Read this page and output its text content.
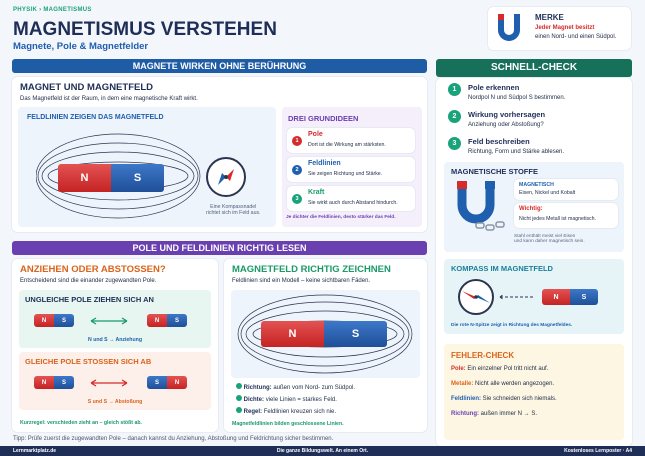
PHYSIK › MAGNETISMUS
MAGNETISMUS VERSTEHEN
Magnete, Pole & Magnetfelder
MERKE
Jeder Magnet besitzt
einen Nord- und einen Südpol.
MAGNETE WIRKEN OHNE BERÜHRUNG
MAGNET UND MAGNETFELD
Das Magnetfeld ist der Raum, in dem eine magnetische Kraft wirkt.
FELDLINIEN ZEIGEN DAS MAGNETFELD
N	S
Eine Kompassnadel
richtet sich im Feld aus.
DREI GRUNDIDEEN
1
Pole
Dort ist die Wirkung am stärksten.
2
Feldlinien
Sie zeigen Richtung und Stärke.
3
Kraft
Sie wirkt auch durch Abstand hindurch.
Je dichter die Feldlinien, desto stärker das Feld.
POLE UND FELDLINIEN RICHTIG LESEN
ANZIEHEN ODER ABSTOSSEN?
Entscheidend sind die einander zugewandten Pole.
UNGLEICHE POLE ZIEHEN SICH AN
N	S	N	S
N und S → Anziehung
GLEICHE POLE STOSSEN SICH AB
N	S	S	N
S und S → Abstoßung
Kurzregel: verschieden zieht an – gleich stößt ab.
MAGNETFELD RICHTIG ZEICHNEN
Feldlinien sind ein Modell – keine sichtbaren Fäden.
N	S
Richtung: außen vom Nord- zum Südpol.
Dichte: viele Linien = starkes Feld.
Regel: Feldlinien kreuzen sich nie.
Magnetfeldlinien bilden geschlossene Linien.
SCHNELL-CHECK
1	Pole erkennen
Nordpol N und Südpol S bestimmen.
2	Wirkung vorhersagen
Anziehung oder Abstoßung?
3	Feld beschreiben
Richtung, Form und Stärke ablesen.
MAGNETISCHE STOFFE
MAGNETISCH
Eisen, Nickel und Kobalt
Wichtig:
Nicht jedes Metall ist magnetisch.
Stahl enthält meist viel Eisen
und kann daher magnetisch sein.
KOMPASS IM MAGNETFELD
N	S
Die rote N-Spitze zeigt in Richtung des Magnetfeldes.
FEHLER-CHECK
Pole: Ein einzelner Pol tritt nicht auf.
Metalle: Nicht alle werden angezogen.
Feldlinien: Sie schneiden sich niemals.
Richtung: außen immer N → S.
Tipp: Prüfe zuerst die zugewandten Pole – danach kannst du Anziehung, Abstoßung und Feldrichtung sicher bestimmen.
Lernmarktplatz.de	Die ganze Bildungswelt. An einem Ort.	Kostenloses Lernposter · A4
